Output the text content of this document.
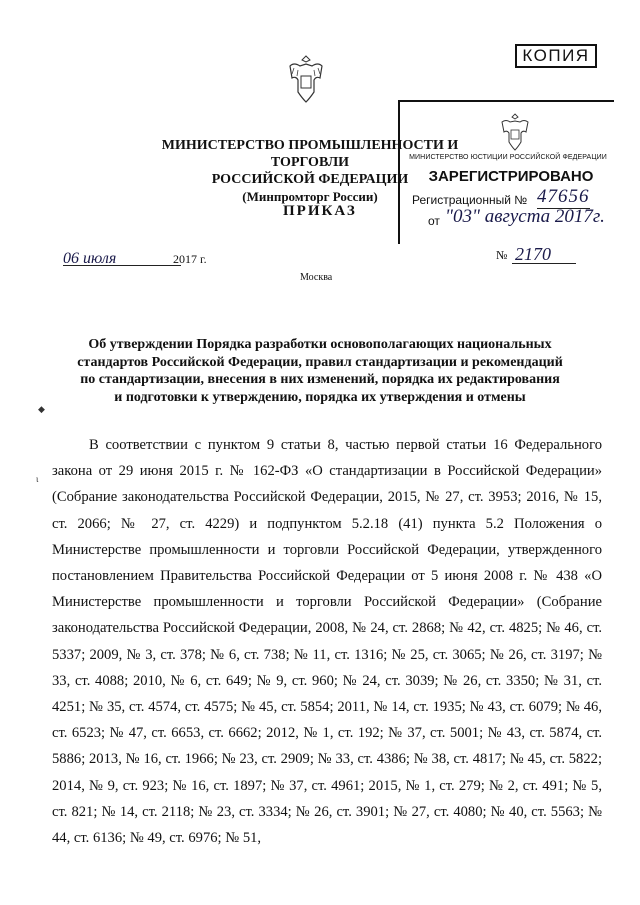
КОПИЯ
МИНИСТЕРСТВО ПРОМЫШЛЕННОСТИ И ТОРГОВЛИ
РОССИЙСКОЙ ФЕДЕРАЦИИ
(Минпромторг России)
МИНИСТЕРСТВО ЮСТИЦИИ РОССИЙСКОЙ ФЕДЕРАЦИИ
ЗАРЕГИСТРИРОВАНО
Регистрационный № 47656
от "03" августа 2017г.
ПРИКАЗ
06 июля	2017 г.	№ 2170
Москва
Об утверждении Порядка разработки основополагающих национальных
стандартов Российской Федерации, правил стандартизации и рекомендаций
по стандартизации, внесения в них изменений, порядка их редактирования
и подготовки к утверждению, порядка их утверждения и отмены
◆
ι

В соответствии с пунктом 9 статьи 8, частью первой статьи 16 Федерального закона от 29 июня 2015 г. № 162-ФЗ «О стандартизации в Российской Федерации» (Собрание законодательства Российской Федерации, 2015, № 27, ст. 3953; 2016, № 15, ст. 2066; № 27, ст. 4229) и подпунктом 5.2.18 (41) пункта 5.2 Положения о Министерстве промышленности и торговли Российской Федерации, утвержденного постановлением Правительства Российской Федерации от 5 июня 2008 г. № 438 «О Министерстве промышленности и торговли Российской Федерации» (Собрание законодательства Российской Федерации, 2008, № 24, ст. 2868; № 42, ст. 4825; № 46, ст. 5337; 2009, № 3, ст. 378; № 6, ст. 738; № 11, ст. 1316; № 25, ст. 3065; № 26, ст. 3197; № 33, ст. 4088; 2010, № 6, ст. 649; № 9, ст. 960; № 24, ст. 3039; № 26, ст. 3350; № 31, ст. 4251; № 35, ст. 4574, ст. 4575; № 45, ст. 5854; 2011, № 14, ст. 1935; № 43, ст. 6079; № 46, ст. 6523; № 47, ст. 6653, ст. 6662; 2012, № 1, ст. 192; № 37, ст. 5001; № 43, ст. 5874, ст. 5886; 2013, № 16, ст. 1966; № 23, ст. 2909; № 33, ст. 4386; № 38, ст. 4817; № 45, ст. 5822; 2014, № 9, ст. 923; № 16, ст. 1897; № 37, ст. 4961; 2015, № 1, ст. 279; № 2, ст. 491; № 5, ст. 821; № 14, ст. 2118; № 23, ст. 3334; № 26, ст. 3901; № 27, ст. 4080; № 40, ст. 5563; № 44, ст. 6136; № 49, ст. 6976; № 51,
